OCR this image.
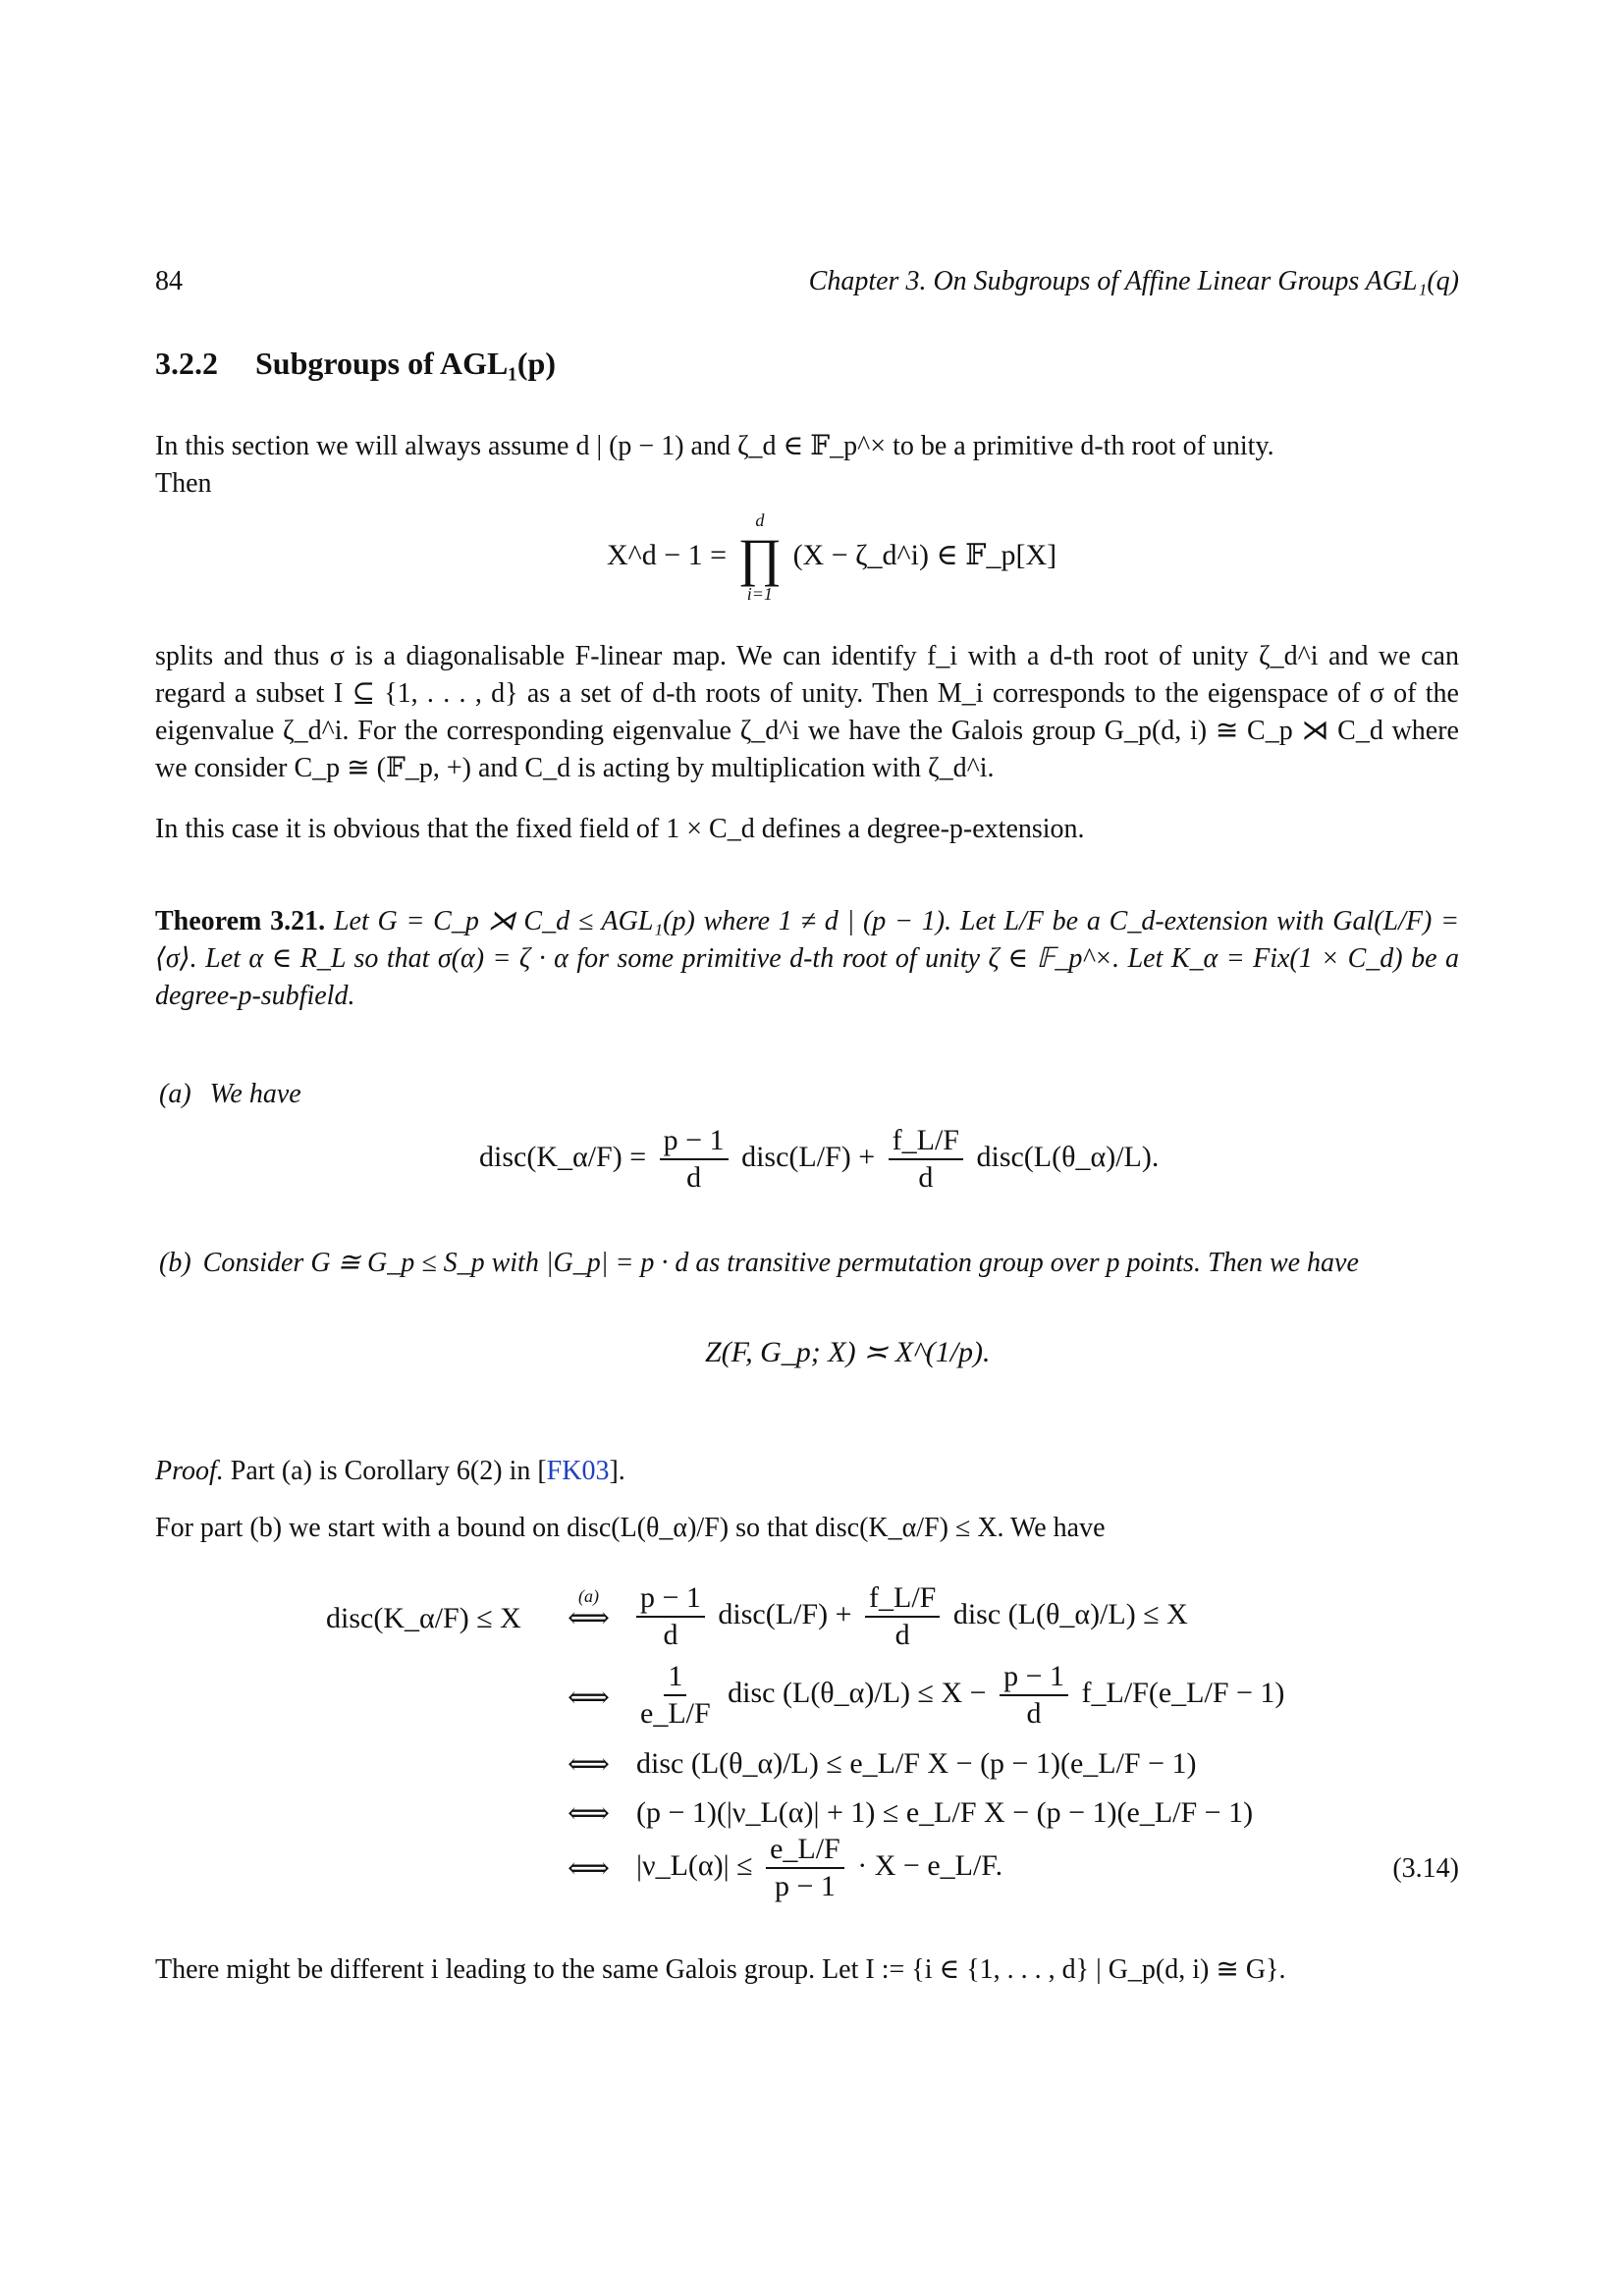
84	Chapter 3. On Subgroups of Affine Linear Groups AGL₁(q)
3.2.2 Subgroups of AGL₁(p)
In this section we will always assume d | (p − 1) and ζ_d ∈ 𝔽_p^× to be a primitive d-th root of unity.
Then
X^d − 1 =
d
∏
i=1
(X − ζ_d^i) ∈ 𝔽_p[X]
splits and thus σ is a diagonalisable F-linear map. We can identify f_i with a d-th root of unity ζ_d^i and we can regard a subset I ⊆ {1, . . . , d} as a set of d-th roots of unity. Then M_i corresponds to the eigenspace of σ of the eigenvalue ζ_d^i. For the corresponding eigenvalue ζ_d^i we have the Galois group G_p(d, i) ≅ C_p ⋊ C_d where we consider C_p ≅ (𝔽_p, +) and C_d is acting by multiplication with ζ_d^i.
In this case it is obvious that the fixed field of 1 × C_d defines a degree-p-extension.
Theorem 3.21. Let G = C_p ⋊ C_d ≤ AGL₁(p) where 1 ≠ d | (p − 1). Let L/F be a C_d-extension with Gal(L/F) = ⟨σ⟩. Let α ∈ R_L so that σ(α) = ζ · α for some primitive d-th root of unity ζ ∈ 𝔽_p^×. Let K_α = Fix(1 × C_d) be a degree-p-subfield.
(a) We have
disc(K_α/F) = $\frac{p - 1}{d}$ disc(L/F) + $\frac{f\_L/F}{d}$ disc(L(θ_α)/L).
(b) Consider G ≅ G_p ≤ S_p with |G_p| = p · d as transitive permutation group over p points. Then we have
Z(F, G_p; X) ≍ X^(1/p).
Proof. Part (a) is Corollary 6(2) in [FK03].
For part (b) we start with a bound on disc(L(θ_α)/F) so that disc(K_α/F) ≤ X. We have
disc(K_α/F) ≤ X
(a)
⟺ $\frac{p - 1}{d}$ disc(L/F) + $\frac{f\_L/F}{d}$ disc (L(θ_α)/L) ≤ X
⟺ $\frac{1}{e\_L/F}$ disc (L(θ_α)/L) ≤ $X - \frac{p - 1}{d}$ f_L/F(e_L/F − 1)
⟺ disc (L(θ_α)/L) ≤ e_L/F X − (p − 1)(e_L/F − 1)
⟺ (p − 1)(|ν_L(α)| + 1) ≤ e_L/F X − (p − 1)(e_L/F − 1)
⟺ |ν_L(α)| ≤ $\frac{e\_L/F}{p - 1} \cdot X$ − e_L/F.	(3.14)
There might be different i leading to the same Galois group. Let I := {i ∈ {1, . . . , d} | G_p(d, i) ≅ G}.
